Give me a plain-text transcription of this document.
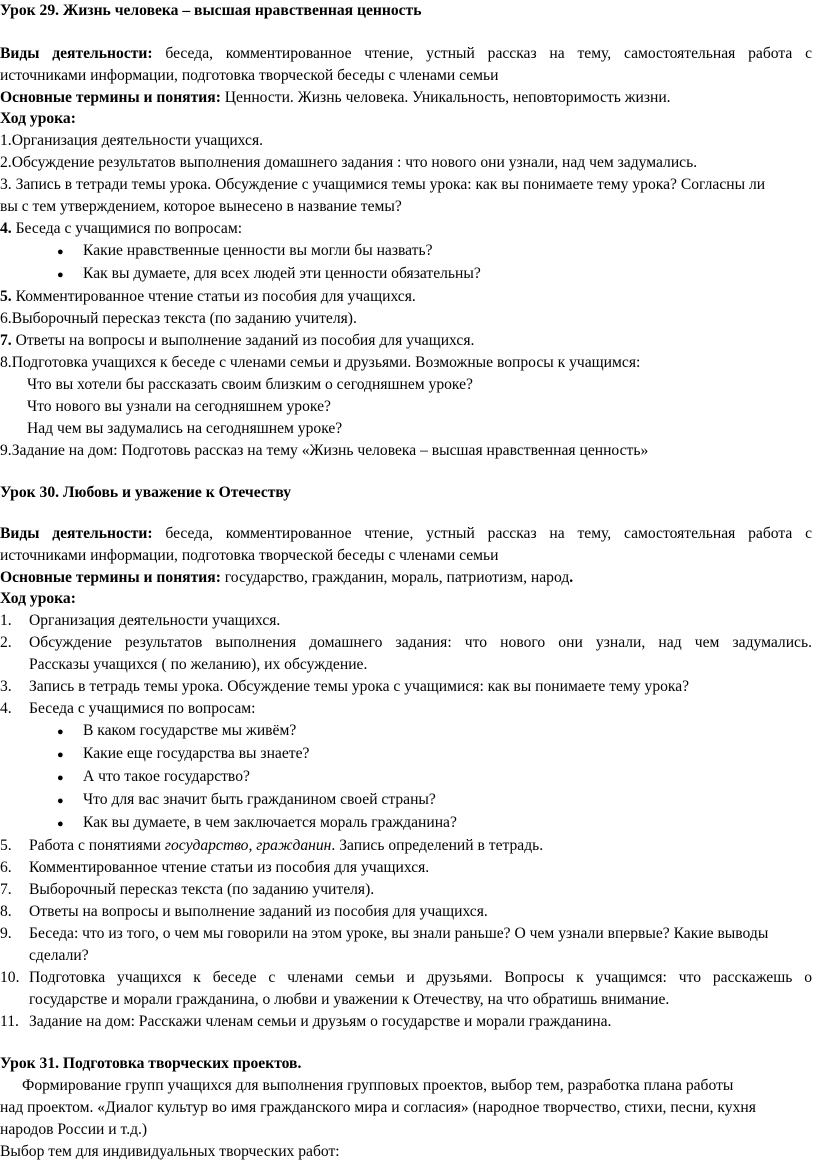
Урок 29. Жизнь человека – высшая нравственная ценность
Виды деятельности: беседа, комментированное чтение, устный рассказ на тему, самостоятельная работа с
источниками информации, подготовка творческой беседы с членами семьи
Основные термины и понятия: Ценности. Жизнь человека. Уникальность, неповторимость жизни.
Ход урока:
1.Организация деятельности учащихся.
2.Обсуждение результатов выполнения домашнего задания : что нового они узнали, над чем задумались.
3. Запись в тетради темы урока. Обсуждение с учащимися темы урока: как вы понимаете тему урока? Согласны ли
вы с тем утверждением, которое вынесено в название темы?
4. Беседа с учащимися по вопросам:
● Какие нравственные ценности вы могли бы назвать?
● Как вы думаете, для всех людей эти ценности обязательны?
5. Комментированное чтение статьи из пособия для учащихся.
6.Выборочный пересказ текста (по заданию учителя).
7. Ответы на вопросы и выполнение заданий из пособия для учащихся.
8.Подготовка учащихся к беседе с членами семьи и друзьями. Возможные вопросы к учащимся:
Что вы хотели бы рассказать своим близким о сегодняшнем уроке?
Что нового вы узнали на сегодняшнем уроке?
Над чем вы задумались на сегодняшнем уроке?
9.Задание на дом: Подготовь рассказ на тему «Жизнь человека – высшая нравственная ценность»
Урок 30. Любовь и уважение к Отечеству
Виды деятельности: беседа, комментированное чтение, устный рассказ на тему, самостоятельная работа с
источниками информации, подготовка творческой беседы с членами семьи
Основные термины и понятия: государство, гражданин, мораль, патриотизм, народ.
Ход урока:
1. Организация деятельности учащихся.
2. Обсуждение результатов выполнения домашнего задания: что нового они узнали, над чем задумались.
Рассказы учащихся ( по желанию), их обсуждение.
3. Запись в тетрадь темы урока. Обсуждение темы урока с учащимися: как вы понимаете тему урока?
4. Беседа с учащимися по вопросам:
● В каком государстве мы живём?
● Какие еще государства вы знаете?
● А что такое государство?
● Что для вас значит быть гражданином своей страны?
● Как вы думаете, в чем заключается мораль гражданина?
5. Работа с понятиями государство, гражданин. Запись определений в тетрадь.
6. Комментированное чтение статьи из пособия для учащихся.
7. Выборочный пересказ текста (по заданию учителя).
8. Ответы на вопросы и выполнение заданий из пособия для учащихся.
9. Беседа: что из того, о чем мы говорили на этом уроке, вы знали раньше? О чем узнали впервые? Какие выводы
сделали?
10. Подготовка учащихся к беседе с членами семьи и друзьями. Вопросы к учащимся: что расскажешь о
государстве и морали гражданина, о любви и уважении к Отечеству, на что обратишь внимание.
11. Задание на дом: Расскажи членам семьи и друзьям о государстве и морали гражданина.
Урок 31. Подготовка творческих проектов.
Формирование групп учащихся для выполнения групповых проектов, выбор тем, разработка плана работы
над проектом. «Диалог культур во имя гражданского мира и согласия» (народное творчество, стихи, песни, кухня
народов России и т.д.)
Выбор тем для индивидуальных творческих работ:
